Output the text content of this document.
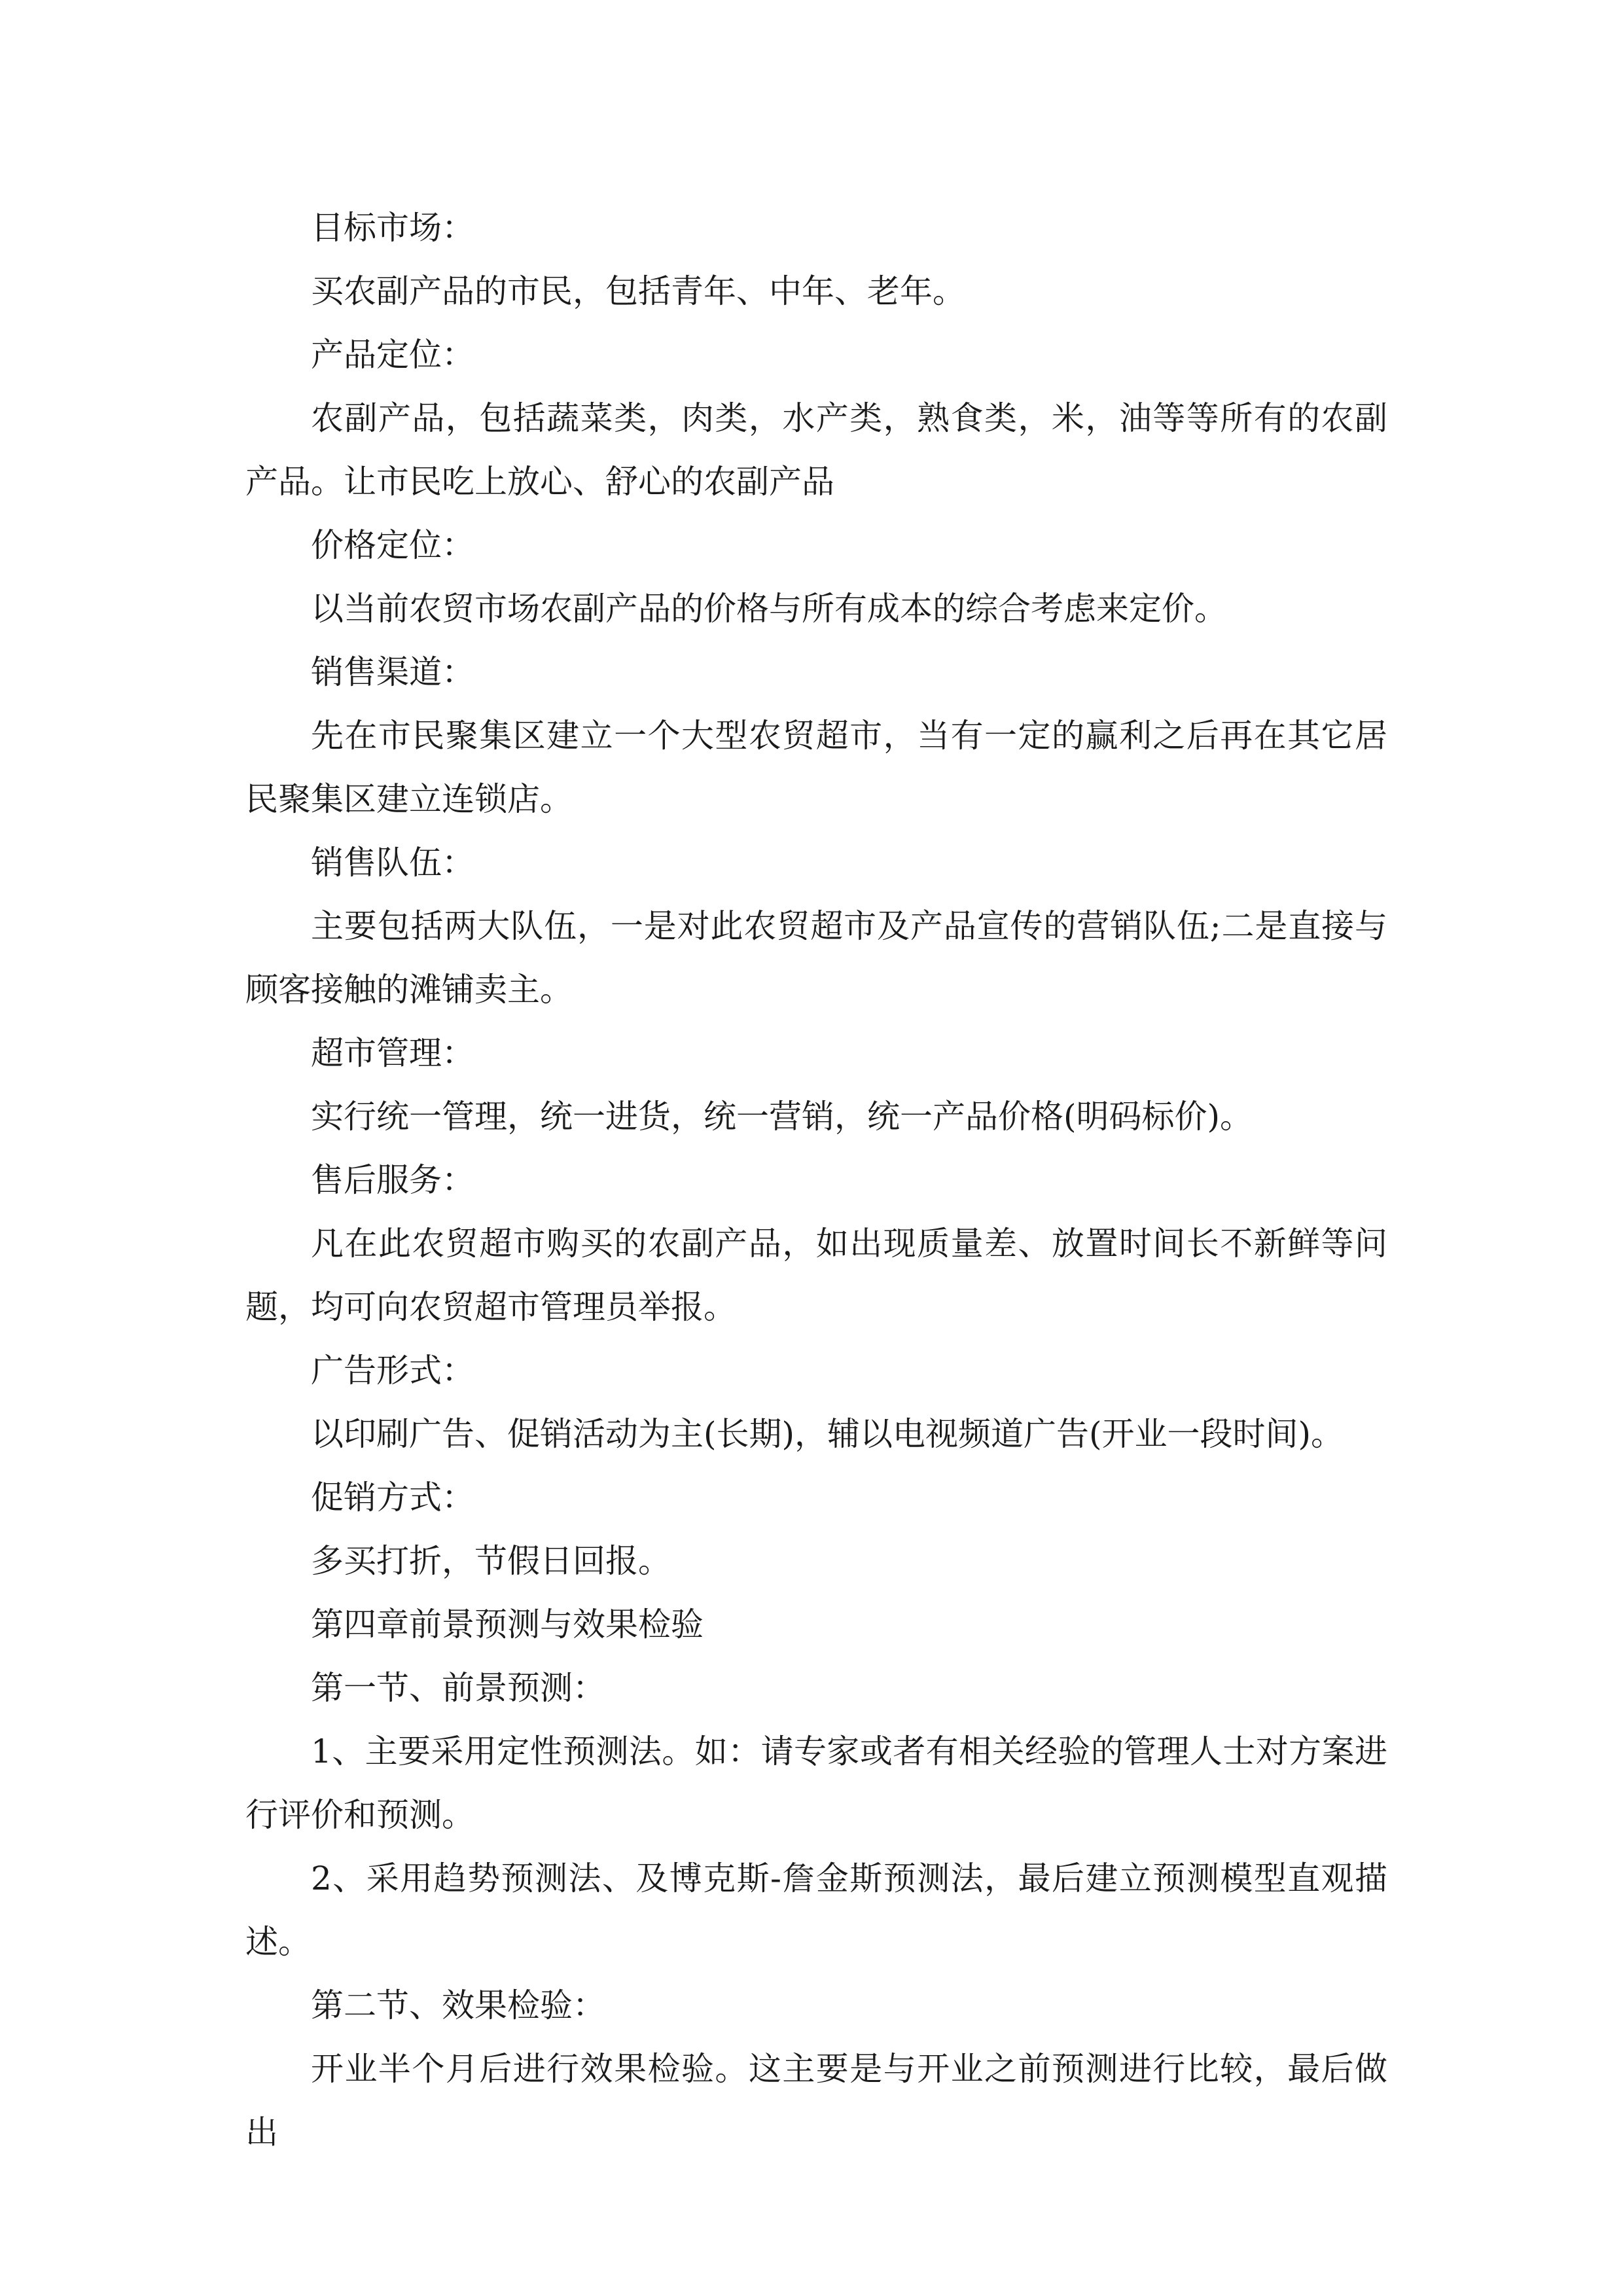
目标市场：

买农副产品的市民，包括青年、中年、老年。

产品定位：

农副产品，包括蔬菜类，肉类，水产类，熟食类，米，油等等所有的农副产品。让市民吃上放心、舒心的农副产品

价格定位：

以当前农贸市场农副产品的价格与所有成本的综合考虑来定价。

销售渠道：

先在市民聚集区建立一个大型农贸超市，当有一定的赢利之后再在其它居民聚集区建立连锁店。

销售队伍：

主要包括两大队伍，一是对此农贸超市及产品宣传的营销队伍;二是直接与顾客接触的滩铺卖主。

超市管理：

实行统一管理，统一进货，统一营销，统一产品价格(明码标价)。

售后服务：

凡在此农贸超市购买的农副产品，如出现质量差、放置时间长不新鲜等问题，均可向农贸超市管理员举报。

广告形式：

以印刷广告、促销活动为主(长期)，辅以电视频道广告(开业一段时间)。

促销方式：

多买打折，节假日回报。

第四章前景预测与效果检验

第一节、前景预测：

1、主要采用定性预测法。如：请专家或者有相关经验的管理人士对方案进行评价和预测。

2、采用趋势预测法、及博克斯-詹金斯预测法，最后建立预测模型直观描述。

第二节、效果检验：

开业半个月后进行效果检验。这主要是与开业之前预测进行比较，最后做出
